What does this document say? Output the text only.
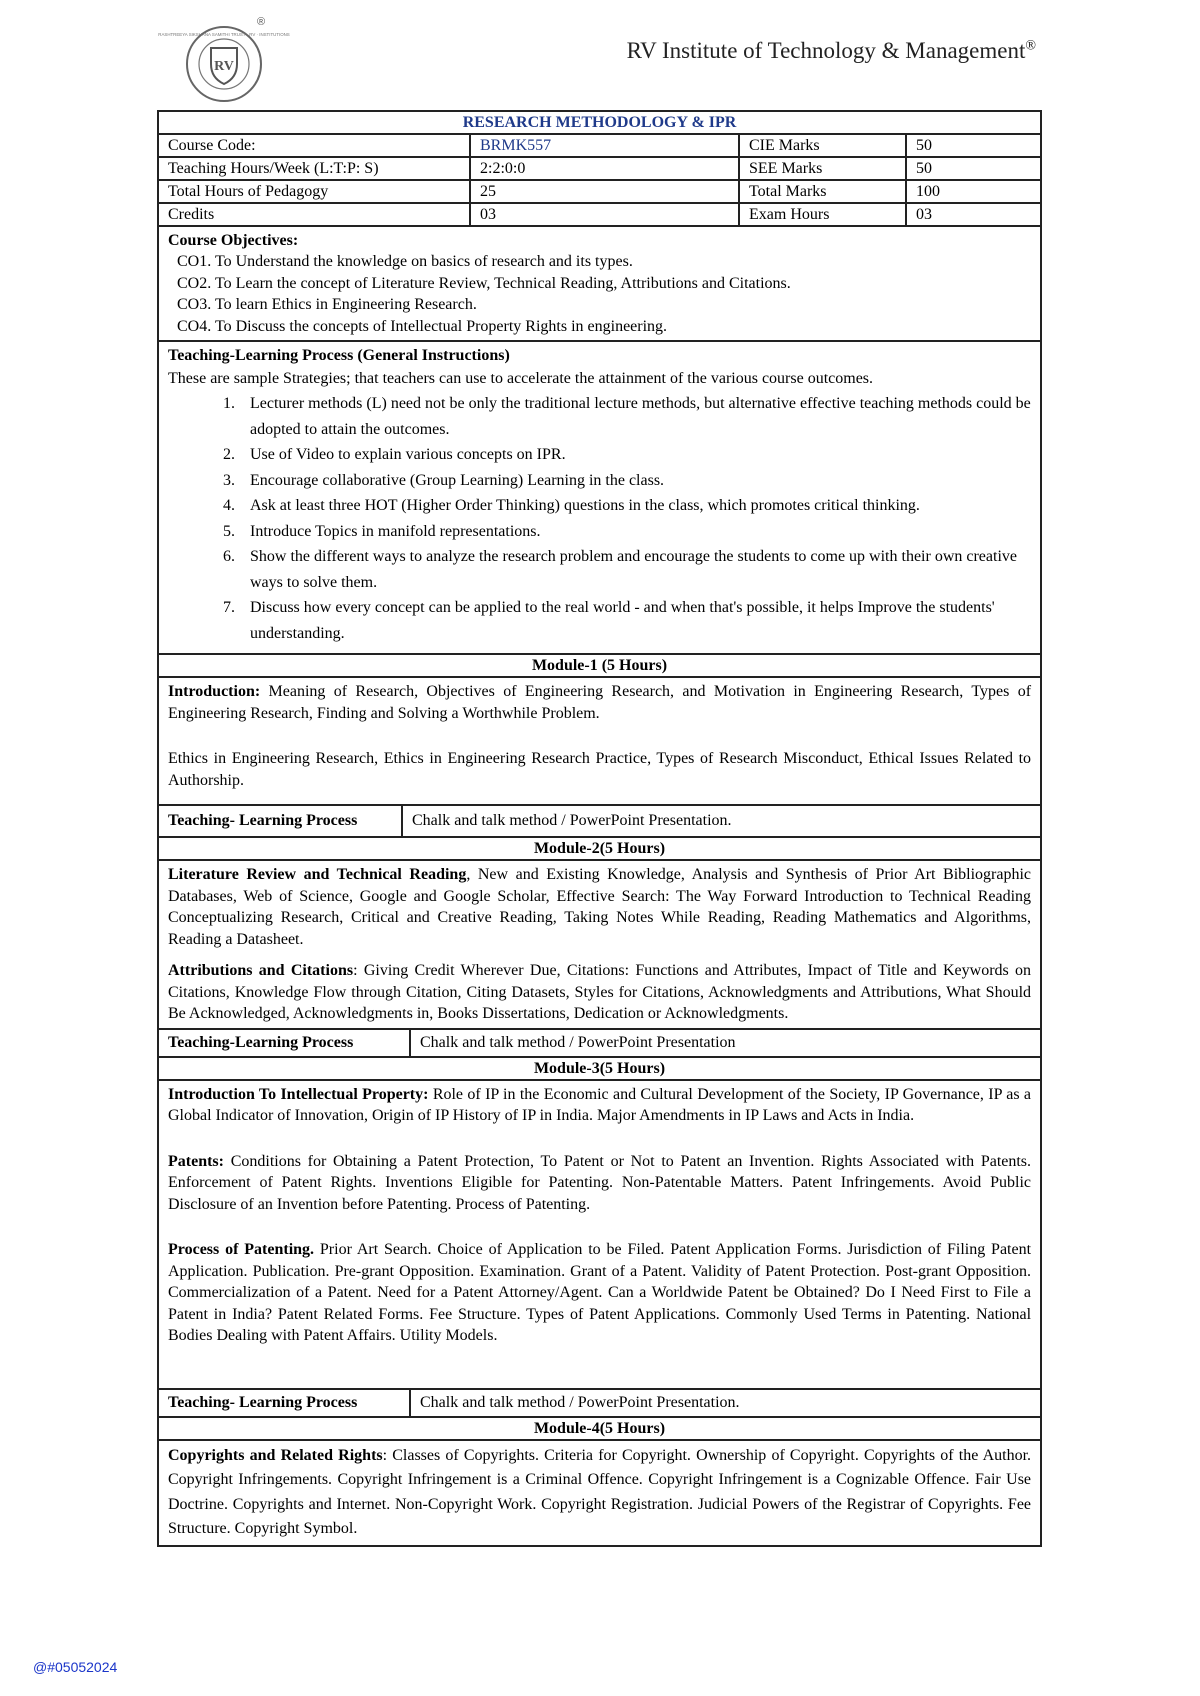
RV
RASHTREEYA SIKSHANA SAMITHI TRUST · RV · INSTITUTIONS
®
RV Institute of Technology & Management®
RESEARCH METHODOLOGY & IPR
Course Code:	BRMK557	CIE Marks	50
Teaching Hours/Week (L:T:P: S)	2:2:0:0	SEE Marks	50
Total Hours of Pedagogy	25	Total Marks	100
Credits	03	Exam Hours	03

Course Objectives:
CO1. To Understand the knowledge on basics of research and its types.
CO2. To Learn the concept of Literature Review, Technical Reading, Attributions and Citations.
CO3. To learn Ethics in Engineering Research.
CO4. To Discuss the concepts of Intellectual Property Rights in engineering.

Teaching-Learning Process (General Instructions)

These are sample Strategies; that teachers can use to accelerate the attainment of the various course outcomes.

1. Lecturer methods (L) need not be only the traditional lecture methods, but alternative effective teaching methods could be adopted to attain the outcomes.
2. Use of Video to explain various concepts on IPR.
3. Encourage collaborative (Group Learning) Learning in the class.
4. Ask at least three HOT (Higher Order Thinking) questions in the class, which promotes critical thinking.
5. Introduce Topics in manifold representations.
6. Show the different ways to analyze the research problem and encourage the students to come up with their own creative ways to solve them.
7. Discuss how every concept can be applied to the real world - and when that's possible, it helps Improve the students' understanding.

Module-1 (5 Hours)

Introduction: Meaning of Research, Objectives of Engineering Research, and Motivation in Engineering Research, Types of Engineering Research, Finding and Solving a Worthwhile Problem.

Ethics in Engineering Research, Ethics in Engineering Research Practice, Types of Research Misconduct, Ethical Issues Related to Authorship.

Teaching- Learning Process	Chalk and talk method / PowerPoint Presentation.

Module-2(5 Hours)

Literature Review and Technical Reading, New and Existing Knowledge, Analysis and Synthesis of Prior Art Bibliographic Databases, Web of Science, Google and Google Scholar, Effective Search: The Way Forward Introduction to Technical Reading Conceptualizing Research, Critical and Creative Reading, Taking Notes While Reading, Reading Mathematics and Algorithms, Reading a Datasheet.

Attributions and Citations: Giving Credit Wherever Due, Citations: Functions and Attributes, Impact of Title and Keywords on Citations, Knowledge Flow through Citation, Citing Datasets, Styles for Citations, Acknowledgments and Attributions, What Should Be Acknowledged, Acknowledgments in, Books Dissertations, Dedication or Acknowledgments.

Teaching-Learning Process	Chalk and talk method / PowerPoint Presentation

Module-3(5 Hours)

Introduction To Intellectual Property: Role of IP in the Economic and Cultural Development of the Society, IP Governance, IP as a Global Indicator of Innovation, Origin of IP History of IP in India. Major Amendments in IP Laws and Acts in India.

Patents: Conditions for Obtaining a Patent Protection, To Patent or Not to Patent an Invention. Rights Associated with Patents. Enforcement of Patent Rights. Inventions Eligible for Patenting. Non-Patentable Matters. Patent Infringements. Avoid Public Disclosure of an Invention before Patenting. Process of Patenting.

Process of Patenting. Prior Art Search. Choice of Application to be Filed. Patent Application Forms. Jurisdiction of Filing Patent Application. Publication. Pre-grant Opposition. Examination. Grant of a Patent. Validity of Patent Protection. Post-grant Opposition. Commercialization of a Patent. Need for a Patent Attorney/Agent. Can a Worldwide Patent be Obtained? Do I Need First to File a Patent in India? Patent Related Forms. Fee Structure. Types of Patent Applications. Commonly Used Terms in Patenting. National Bodies Dealing with Patent Affairs. Utility Models.

Teaching- Learning Process	Chalk and talk method / PowerPoint Presentation.

Module-4(5 Hours)

Copyrights and Related Rights: Classes of Copyrights. Criteria for Copyright. Ownership of Copyright. Copyrights of the Author. Copyright Infringements. Copyright Infringement is a Criminal Offence. Copyright Infringement is a Cognizable Offence. Fair Use Doctrine. Copyrights and Internet. Non-Copyright Work. Copyright Registration. Judicial Powers of the Registrar of Copyrights. Fee Structure. Copyright Symbol.

@#05052024
